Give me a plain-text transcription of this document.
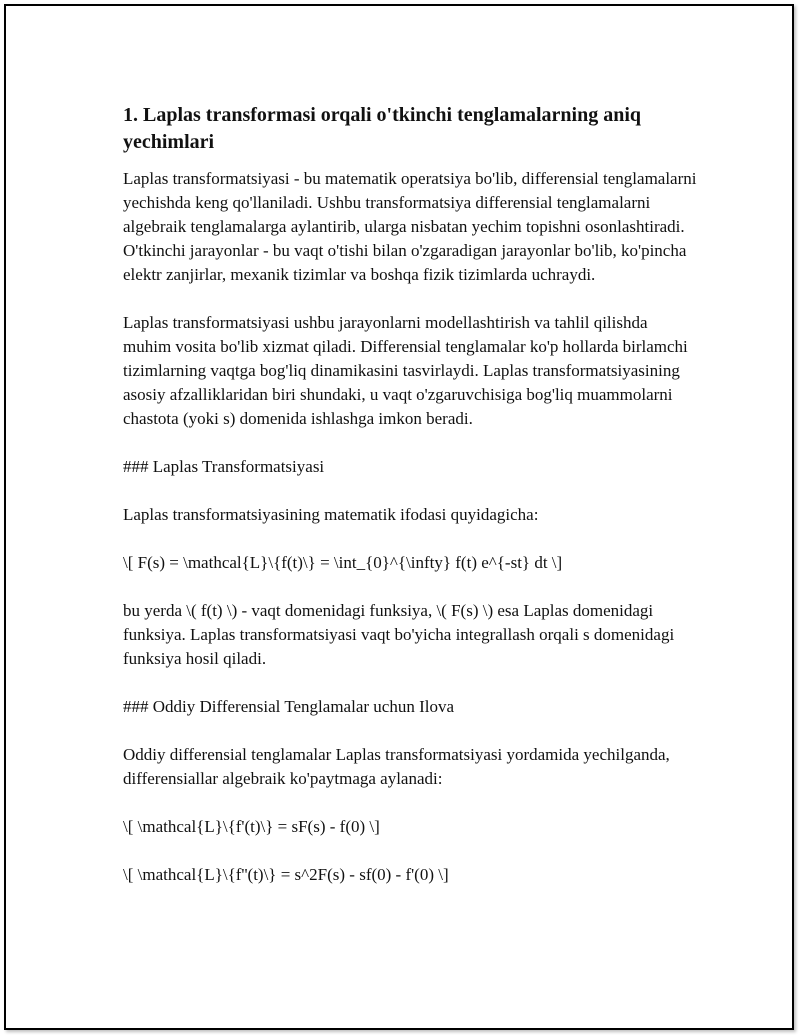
1. Laplas transformasi orqali o'tkinchi tenglamalarning aniq yechimlari

Laplas transformatsiyasi - bu matematik operatsiya bo'lib, differensial tenglamalarni yechishda keng qo'llaniladi. Ushbu transformatsiya differensial tenglamalarni algebraik tenglamalarga aylantirib, ularga nisbatan yechim topishni osonlashtiradi. O'tkinchi jarayonlar - bu vaqt o'tishi bilan o'zgaradigan jarayonlar bo'lib, ko'pincha elektr zanjirlar, mexanik tizimlar va boshqa fizik tizimlarda uchraydi.

Laplas transformatsiyasi ushbu jarayonlarni modellashtirish va tahlil qilishda muhim vosita bo'lib xizmat qiladi. Differensial tenglamalar ko'p hollarda birlamchi tizimlarning vaqtga bog'liq dinamikasini tasvirlaydi. Laplas transformatsiyasining asosiy afzalliklaridan biri shundaki, u vaqt o'zgaruvchisiga bog'liq muammolarni chastota (yoki s) domenida ishlashga imkon beradi.

### Laplas Transformatsiyasi

Laplas transformatsiyasining matematik ifodasi quyidagicha:

\[ F(s) = \mathcal{L}\{f(t)\} = \int_{0}^{\infty} f(t) e^{-st} dt \]

bu yerda \( f(t) \) - vaqt domenidagi funksiya, \( F(s) \) esa Laplas domenidagi funksiya. Laplas transformatsiyasi vaqt bo'yicha integrallash orqali s domenidagi funksiya hosil qiladi.

### Oddiy Differensial Tenglamalar uchun Ilova

Oddiy differensial tenglamalar Laplas transformatsiyasi yordamida yechilganda, differensiallar algebraik ko'paytmaga aylanadi:

\[ \mathcal{L}\{f'(t)\} = sF(s) - f(0) \]

\[ \mathcal{L}\{f''(t)\} = s^2F(s) - sf(0) - f'(0) \]
